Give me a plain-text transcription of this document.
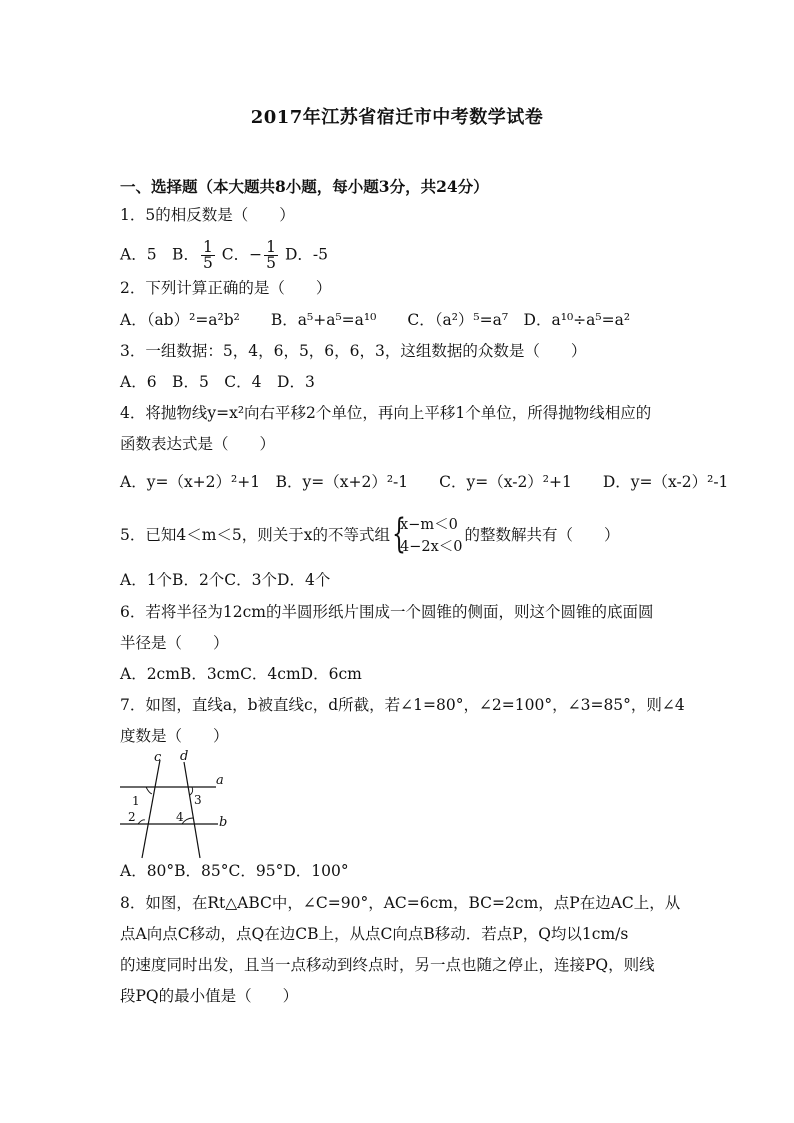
2017年江苏省宿迁市中考数学试卷
一、选择题（本大题共8小题，每小题3分，共24分）
1．5的相反数是（　　）
A．5　B． $\frac{1}{5}$ C．− $\frac{1}{5}$ D．-5
2．下列计算正确的是（　　）
A．（ab）²=a²b²　　B．a⁵+a⁵=a¹⁰　　C．（a²）⁵=a⁷　D．a¹⁰÷a⁵=a²
3．一组数据：5，4，6，5，6，6，3，这组数据的众数是（　　）
A．6　B．5　C．4　D．3
4．将抛物线y=x²向右平移2个单位，再向上平移1个单位，所得抛物线相应的
函数表达式是（　　）
A．y=（x+2）²+1　B．y=（x+2）²-1　　C．y=（x-2）²+1　　D．y=（x-2）²-1
5．已知4＜m＜5，则关于x的不等式组 {
x−m＜0
4−2x＜0
的整数解共有（　　）
A．1个B．2个C．3个D．4个
6．若将半径为12cm的半圆形纸片围成一个圆锥的侧面，则这个圆锥的底面圆
半径是（　　）
A．2cmB．3cmC．4cmD．6cm
7．如图，直线a，b被直线c，d所截，若∠1=80°，∠2=100°，∠3=85°，则∠4
度数是（　　）
c d
a
b
1
2
3
4
A．80°B．85°C．95°D．100°
8．如图，在Rt△ABC中，∠C=90°，AC=6cm，BC=2cm，点P在边AC上，从
点A向点C移动，点Q在边CB上，从点C向点B移动．若点P，Q均以1cm/s
的速度同时出发，且当一点移动到终点时，另一点也随之停止，连接PQ，则线
段PQ的最小值是（　　）
